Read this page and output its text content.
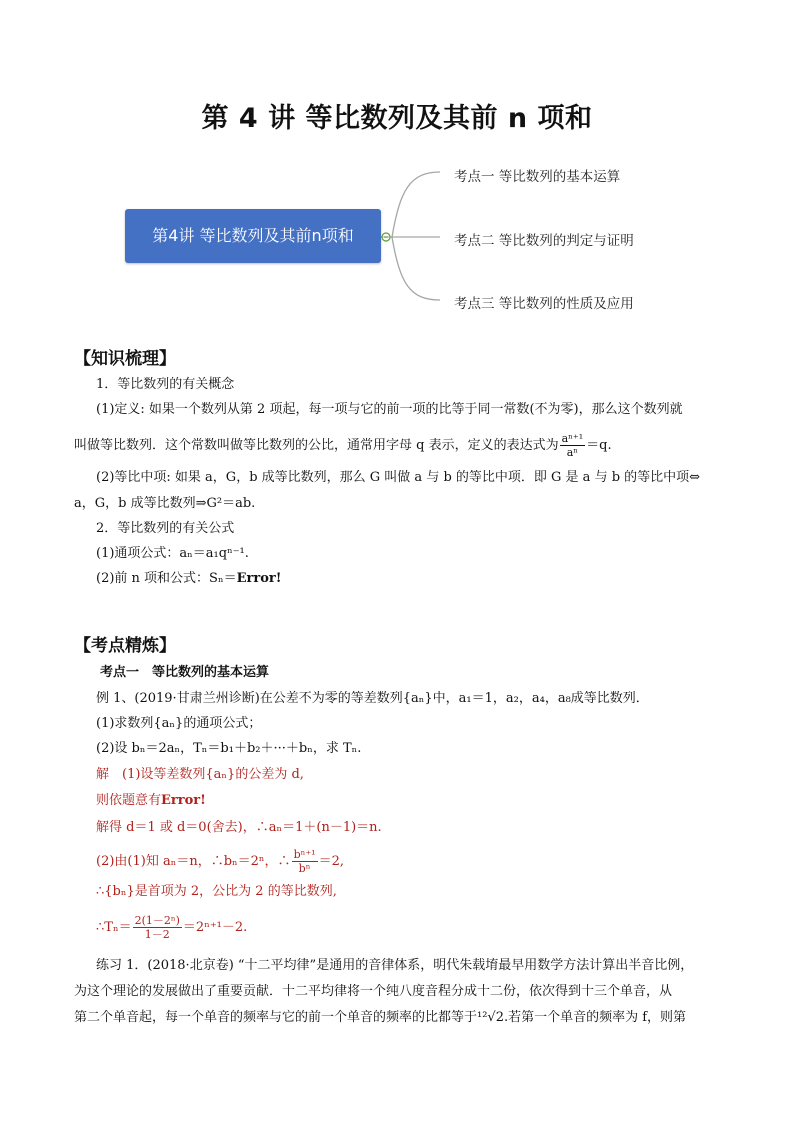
第 4 讲 等比数列及其前 n 项和
第4讲 等比数列及其前n项和
考点一 等比数列的基本运算
考点二 等比数列的判定与证明
考点三 等比数列的性质及应用
【知识梳理】
1．等比数列的有关概念
(1)定义: 如果一个数列从第 2 项起，每一项与它的前一项的比等于同一常数(不为零)，那么这个数列就
叫做等比数列．这个常数叫做等比数列的公比，通常用字母 q 表示，定义的表达式为 $\frac{\text{aⁿ⁺¹}}{\text{aⁿ}} =q$.
(2)等比中项: 如果 a，G，b 成等比数列，那么 G 叫做 a 与 b 的等比中项．即 G 是 a 与 b 的等比中项⇔
a，G，b 成等比数列⇒G²＝ab.
2．等比数列的有关公式
(1)通项公式：aₙ＝a₁qⁿ⁻¹.
(2)前 n 项和公式：Sₙ＝Error!
【考点精炼】
考点一　等比数列的基本运算
例 1、(2019·甘肃兰州诊断)在公差不为零的等差数列{aₙ}中，a₁＝1，a₂，a₄，a₈成等比数列．
(1)求数列{aₙ}的通项公式；
(2)设 bₙ＝2aₙ，Tₙ＝b₁＋b₂＋···＋bₙ，求 Tₙ.
解　(1)设等差数列{aₙ}的公差为 d,
则依题意有Error!
解得 d＝1 或 d＝0(舍去)，∴aₙ＝1＋(n－1)＝n.
(2)由(1)知 aₙ＝n，∴bₙ＝2ⁿ，∴ $\frac{\text{bⁿ⁺¹}}{\text{bⁿ}} =2$,
∴{bₙ}是首项为 2，公比为 2 的等比数列,
∴Tₙ＝ $\frac{\text{2(1－2ⁿ)}}{1-2} =2^{n+1}-2$.
练习 1．(2018·北京卷) “十二平均律”是通用的音律体系，明代朱载堉最早用数学方法计算出半音比例，
为这个理论的发展做出了重要贡献．十二平均律将一个纯八度音程分成十二份，依次得到十三个单音，从
第二个单音起，每一个单音的频率与它的前一个单音的频率的比都等于¹²√2.若第一个单音的频率为 f，则第
